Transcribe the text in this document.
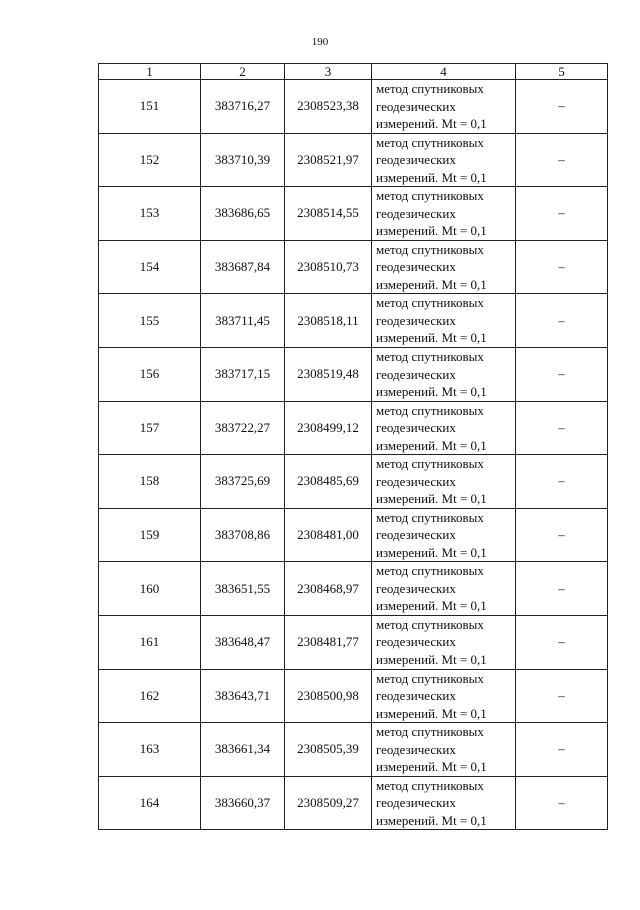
190
1	2	3	4	5
151	383716,27	2308523,38	метод спутниковых
геодезических
измерений. Mt = 0,1	–
152	383710,39	2308521,97	метод спутниковых
геодезических
измерений. Mt = 0,1	–
153	383686,65	2308514,55	метод спутниковых
геодезических
измерений. Mt = 0,1	–
154	383687,84	2308510,73	метод спутниковых
геодезических
измерений. Mt = 0,1	–
155	383711,45	2308518,11	метод спутниковых
геодезических
измерений. Mt = 0,1	–
156	383717,15	2308519,48	метод спутниковых
геодезических
измерений. Mt = 0,1	–
157	383722,27	2308499,12	метод спутниковых
геодезических
измерений. Mt = 0,1	–
158	383725,69	2308485,69	метод спутниковых
геодезических
измерений. Mt = 0,1	–
159	383708,86	2308481,00	метод спутниковых
геодезических
измерений. Mt = 0,1	–
160	383651,55	2308468,97	метод спутниковых
геодезических
измерений. Mt = 0,1	–
161	383648,47	2308481,77	метод спутниковых
геодезических
измерений. Mt = 0,1	–
162	383643,71	2308500,98	метод спутниковых
геодезических
измерений. Mt = 0,1	–
163	383661,34	2308505,39	метод спутниковых
геодезических
измерений. Mt = 0,1	–
164	383660,37	2308509,27	метод спутниковых
геодезических
измерений. Mt = 0,1	–
